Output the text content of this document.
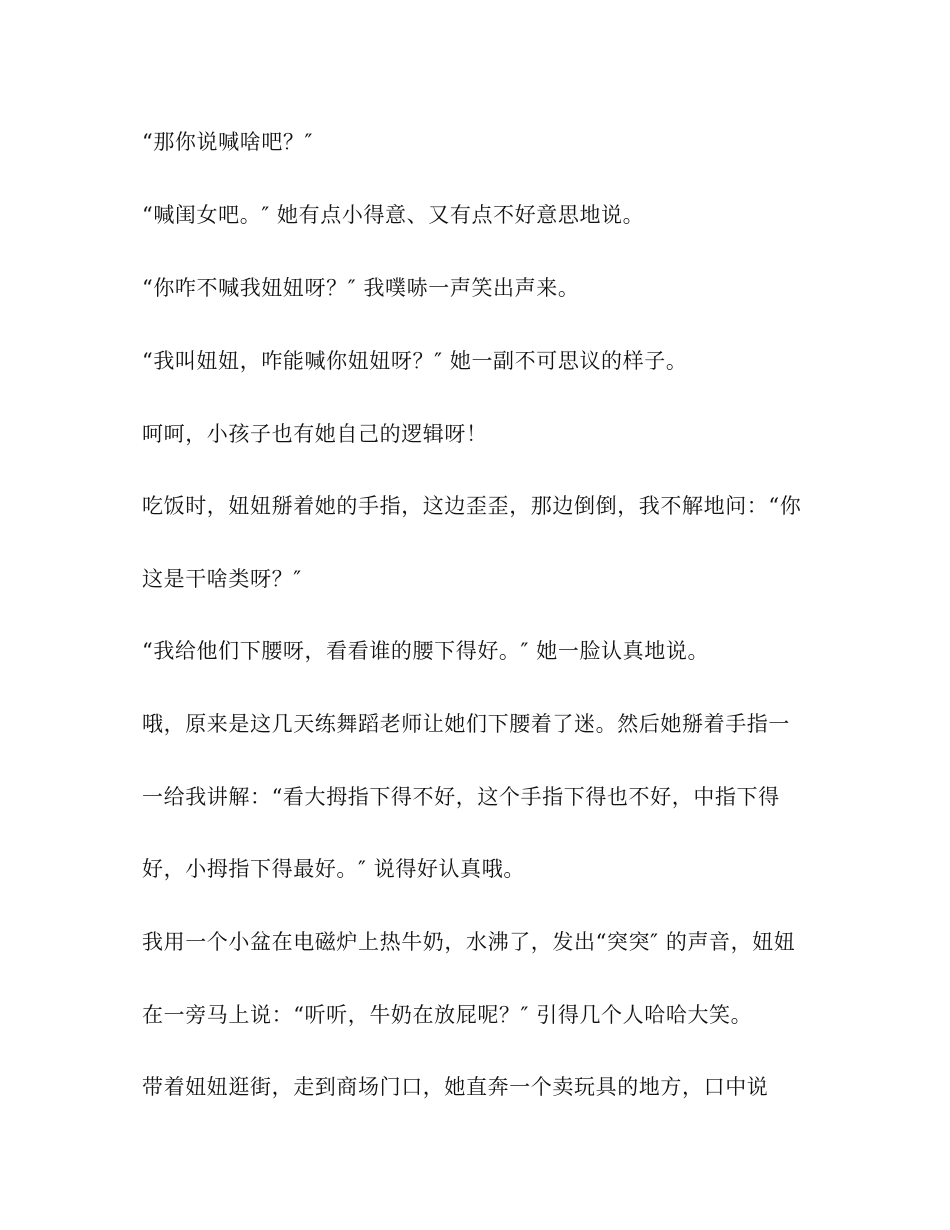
“那你说喊啥吧？″
“喊闺女吧。″ 她有点小得意、又有点不好意思地说。
“你咋不喊我妞妞呀？″ 我噗哧一声笑出声来。
“我叫妞妞，咋能喊你妞妞呀？″ 她一副不可思议的样子。
呵呵，小孩子也有她自己的逻辑呀！
吃饭时，妞妞掰着她的手指，这边歪歪，那边倒倒，我不解地问：“你
这是干啥类呀？″
“我给他们下腰呀，看看谁的腰下得好。″ 她一脸认真地说。
哦，原来是这几天练舞蹈老师让她们下腰着了迷。然后她掰着手指一
一给我讲解：“看大拇指下得不好，这个手指下得也不好，中指下得
好，小拇指下得最好。″ 说得好认真哦。
我用一个小盆在电磁炉上热牛奶，水沸了，发出“突突″ 的声音，妞妞
在一旁马上说：“听听，牛奶在放屁呢？″ 引得几个人哈哈大笑。
带着妞妞逛街，走到商场门口，她直奔一个卖玩具的地方，口中说
